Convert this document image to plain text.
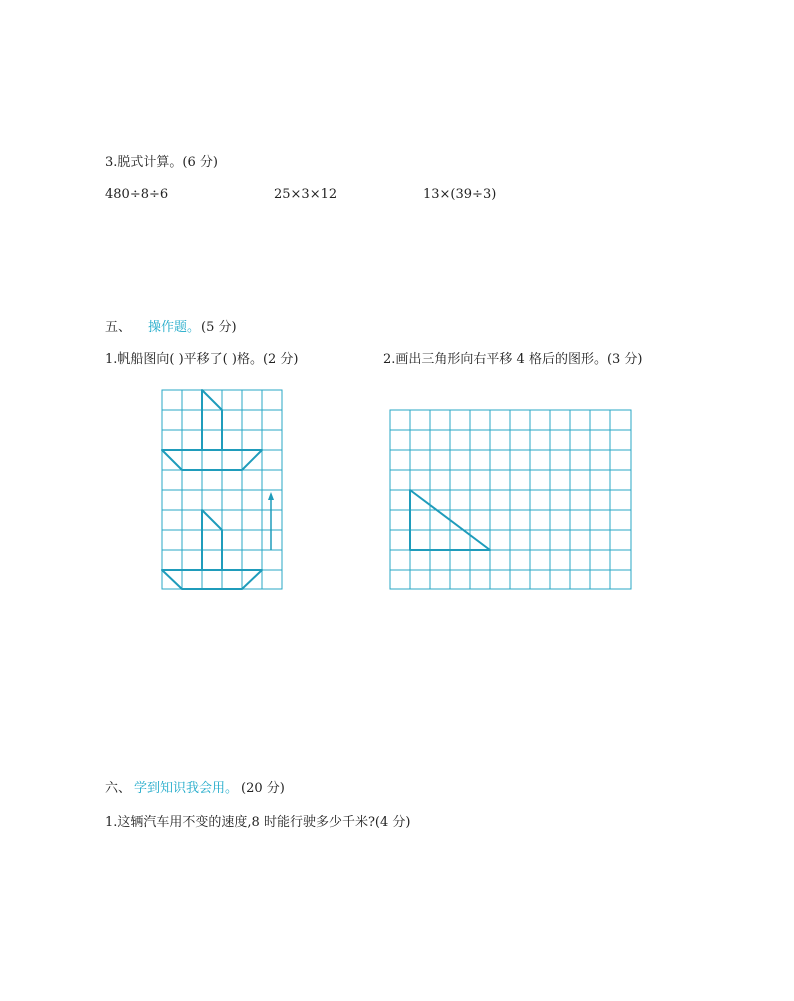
3.脱式计算。(6 分)
480÷8÷6	25×3×12	13×(39÷3)
五、 操作题。 (5 分)
1.帆船图向( )平移了( )格。(2 分)	2.画出三角形向右平移 4 格后的图形。(3 分)
六、 学到知识我会用。 (20 分)
1.这辆汽车用不变的速度,8 时能行驶多少千米?(4 分)
